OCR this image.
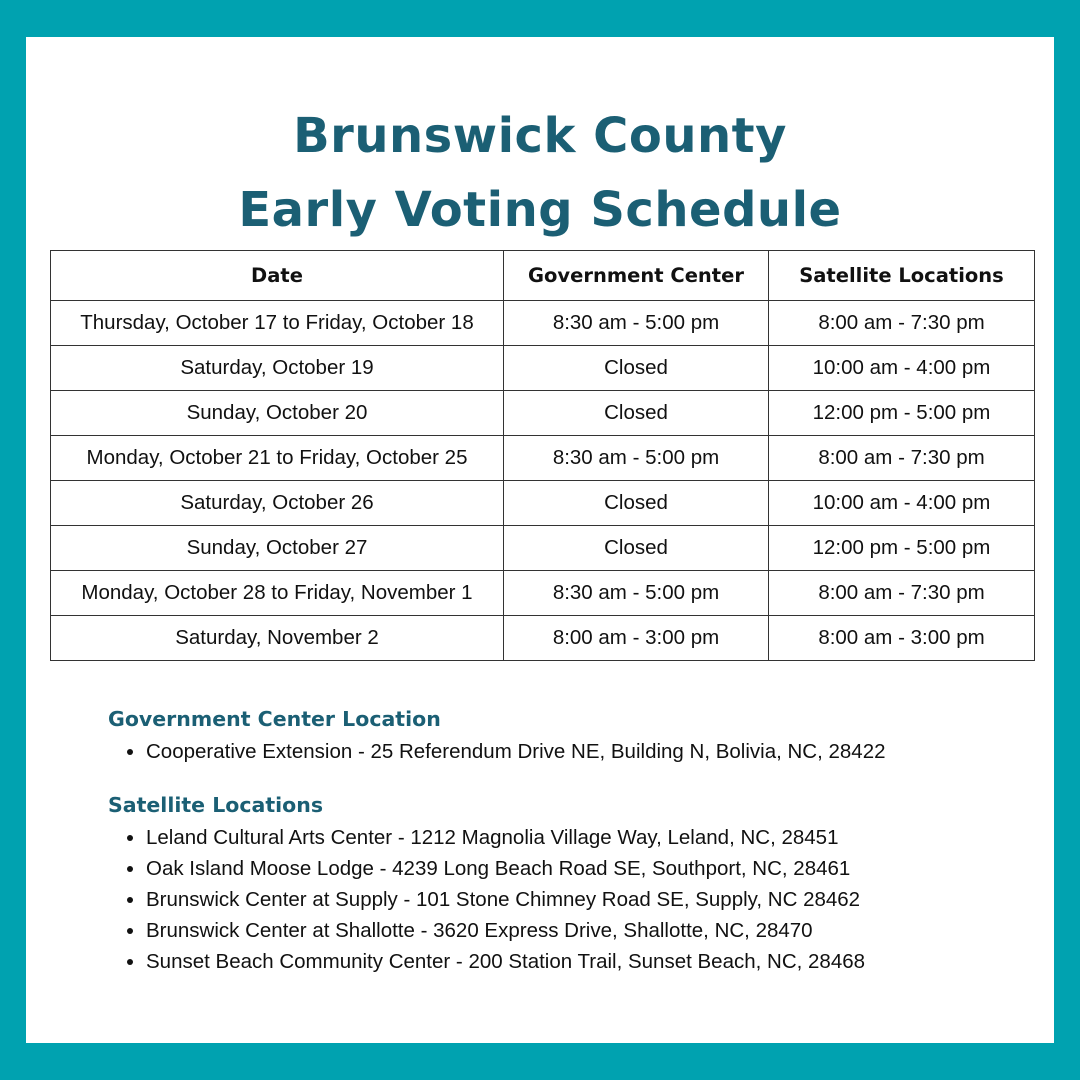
Brunswick County
Early Voting Schedule
Date	Government Center	Satellite Locations
Thursday, October 17 to Friday, October 18	8:30 am - 5:00 pm	8:00 am - 7:30 pm
Saturday, October 19	Closed	10:00 am - 4:00 pm
Sunday, October 20	Closed	12:00 pm - 5:00 pm
Monday, October 21 to Friday, October 25	8:30 am - 5:00 pm	8:00 am - 7:30 pm
Saturday, October 26	Closed	10:00 am - 4:00 pm
Sunday, October 27	Closed	12:00 pm - 5:00 pm
Monday, October 28 to Friday, November 1	8:30 am - 5:00 pm	8:00 am - 7:30 pm
Saturday, November 2	8:00 am - 3:00 pm	8:00 am - 3:00 pm
Government Center Location
• Cooperative Extension - 25 Referendum Drive NE, Building N, Bolivia, NC, 28422
Satellite Locations
• Leland Cultural Arts Center - 1212 Magnolia Village Way, Leland, NC, 28451
• Oak Island Moose Lodge - 4239 Long Beach Road SE, Southport, NC, 28461
• Brunswick Center at Supply - 101 Stone Chimney Road SE, Supply, NC 28462
• Brunswick Center at Shallotte - 3620 Express Drive, Shallotte, NC, 28470
• Sunset Beach Community Center - 200 Station Trail, Sunset Beach, NC, 28468
